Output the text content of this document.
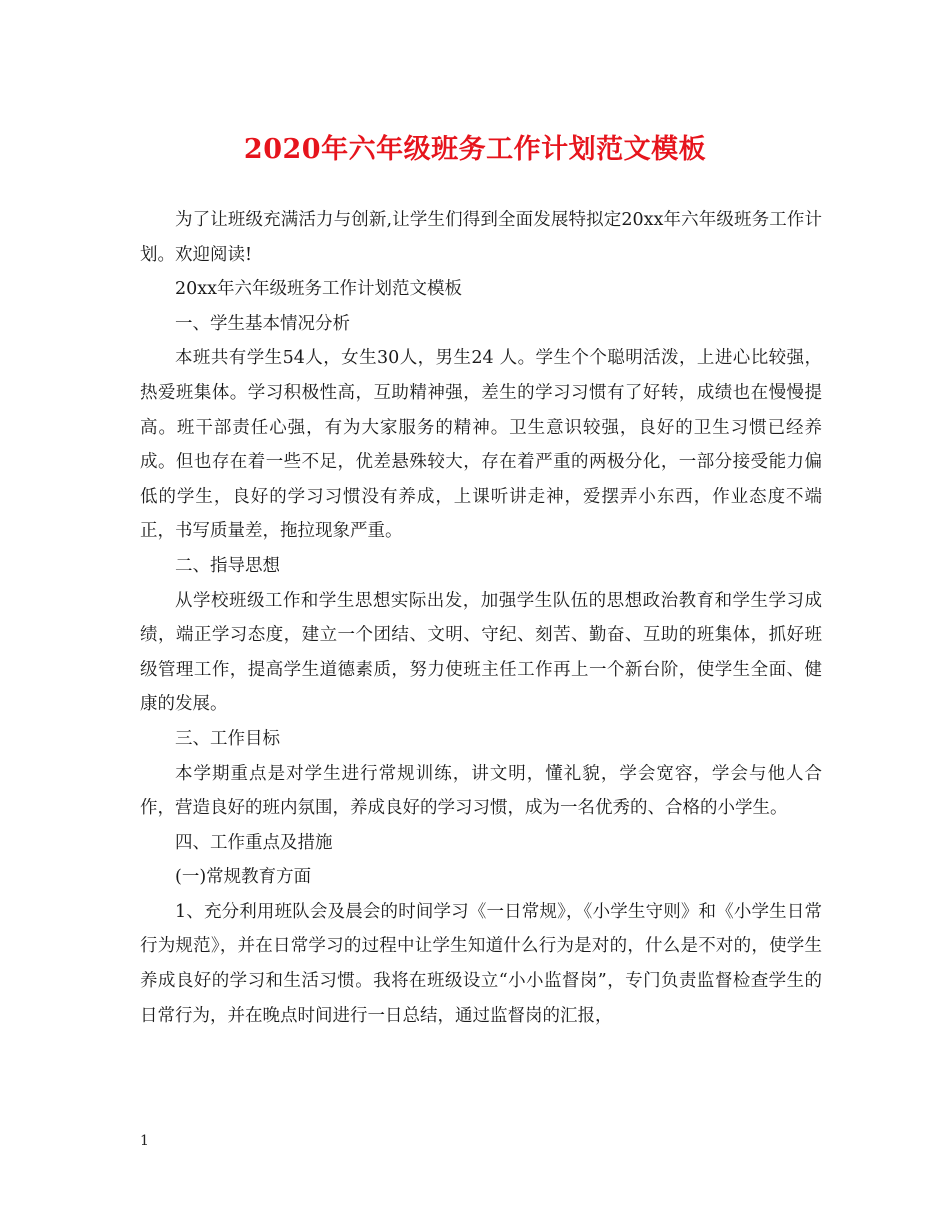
2020年六年级班务工作计划范文模板

为了让班级充满活力与创新,让学生们得到全面发展特拟定20xx年六年级班务工作计划。欢迎阅读!

20xx年六年级班务工作计划范文模板

一、学生基本情况分析

本班共有学生54人，女生30人，男生24 人。学生个个聪明活泼，上进心比较强，热爱班集体。学习积极性高，互助精神强，差生的学习习惯有了好转，成绩也在慢慢提高。班干部责任心强，有为大家服务的精神。卫生意识较强，良好的卫生习惯已经养成。但也存在着一些不足，优差悬殊较大，存在着严重的两极分化，一部分接受能力偏低的学生，良好的学习习惯没有养成，上课听讲走神，爱摆弄小东西，作业态度不端正，书写质量差，拖拉现象严重。

二、指导思想

从学校班级工作和学生思想实际出发，加强学生队伍的思想政治教育和学生学习成绩，端正学习态度，建立一个团结、文明、守纪、刻苦、勤奋、互助的班集体，抓好班级管理工作，提高学生道德素质，努力使班主任工作再上一个新台阶，使学生全面、健康的发展。

三、工作目标

本学期重点是对学生进行常规训练，讲文明，懂礼貌，学会宽容，学会与他人合作，营造良好的班内氛围，养成良好的学习习惯，成为一名优秀的、合格的小学生。

四、工作重点及措施

(一)常规教育方面

1、充分利用班队会及晨会的时间学习《一日常规》，《小学生守则》和《小学生日常行为规范》，并在日常学习的过程中让学生知道什么行为是对的，什么是不对的，使学生养成良好的学习和生活习惯。我将在班级设立“小小监督岗”，专门负责监督检查学生的日常行为，并在晚点时间进行一日总结，通过监督岗的汇报，

1
